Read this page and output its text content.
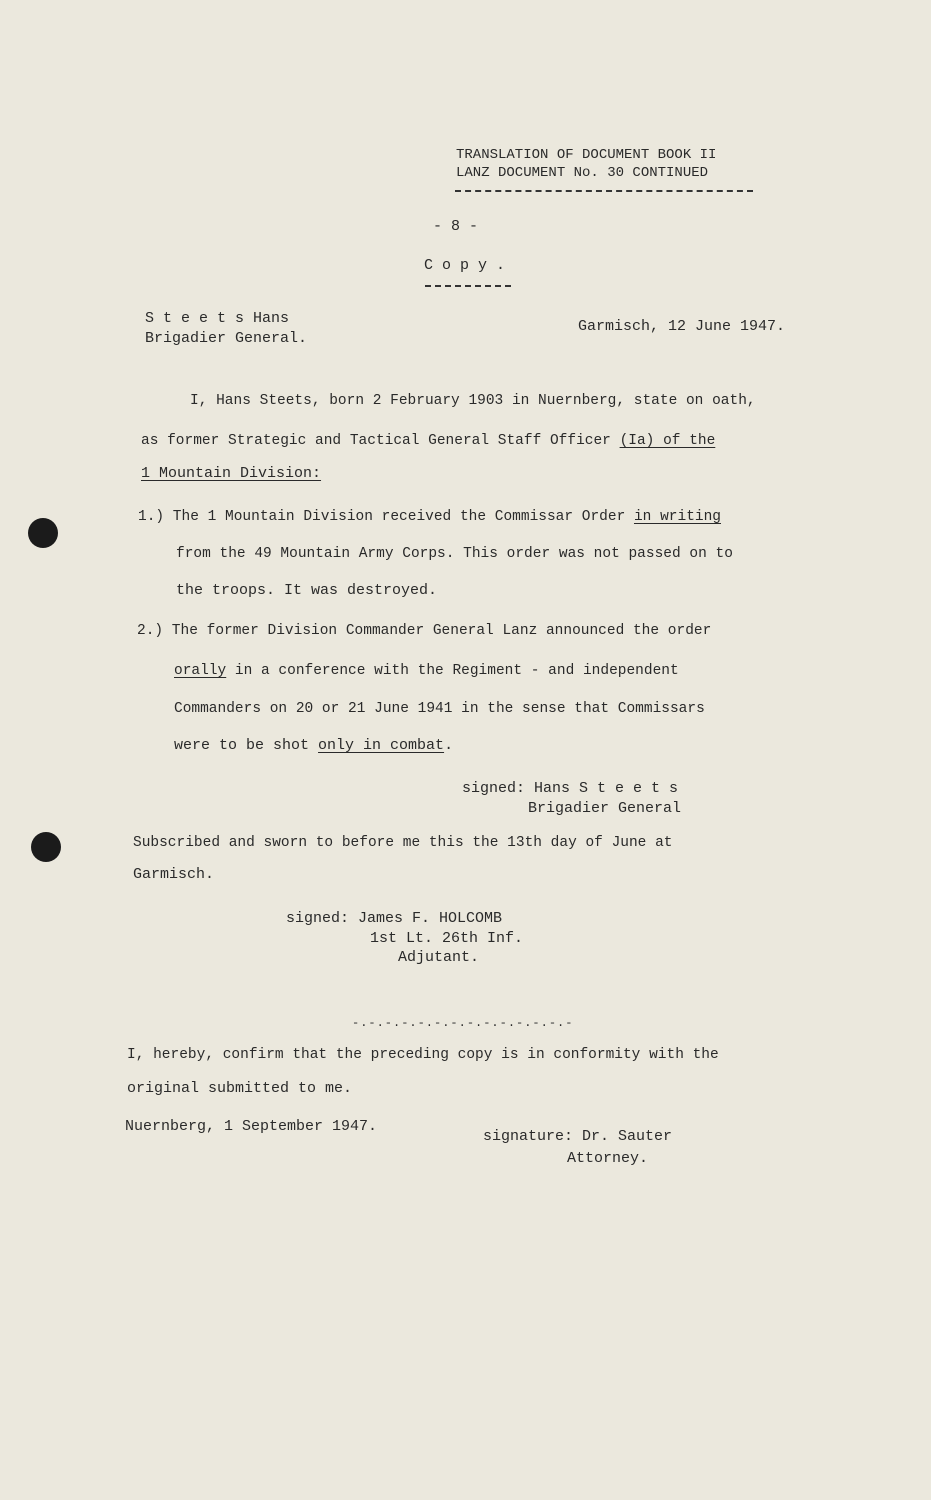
TRANSLATION OF DOCUMENT BOOK II
LANZ DOCUMENT No. 30 CONTINUED
- 8 -
C o p y .
S t e e t s Hans
Brigadier General.
Garmisch, 12 June 1947.
I, Hans Steets, born 2 February 1903 in Nuernberg, state on oath,
as former Strategic and Tactical General Staff Officer (Ia) of the
1 Mountain Division:
1.) The 1 Mountain Division received the Commissar Order in writing
from the 49 Mountain Army Corps. This order was not passed on to
the troops. It was destroyed.
2.) The former Division Commander General Lanz announced the order
orally in a conference with the Regiment - and independent
Commanders on 20 or 21 June 1941 in the sense that Commissars
were to be shot only in combat.
signed: Hans S t e e t s
Brigadier General
Subscribed and sworn to before me this the 13th day of June at
Garmisch.
signed: James F. HOLCOMB
1st Lt. 26th Inf.
Adjutant.
-.-.-.-.-.-.-.-.-.-.-.-.-.-
I, hereby, confirm that the preceding copy is in conformity with the
original submitted to me.
Nuernberg, 1 September 1947.
signature: Dr. Sauter
Attorney.
